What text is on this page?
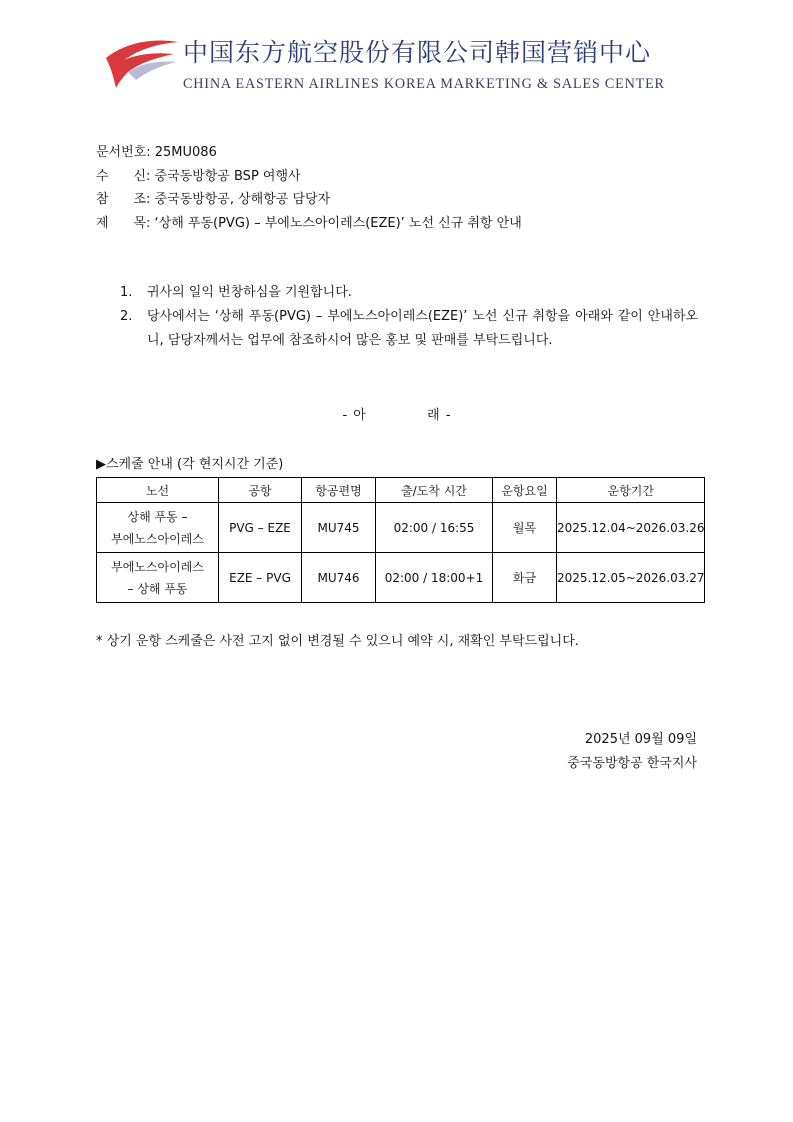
中国东方航空股份有限公司韩国营销中心
CHINA EASTERN AIRLINES KOREA MARKETING & SALES CENTER
문서번호 : 25MU086
수 신 : 중국동방항공 BSP 여행사
참 조 : 중국동방항공, 상해항공 담당자
제 목 : ‘상해 푸동(PVG) – 부에노스아이레스(EZE)’ 노선 신규 취항 안내
1.	귀사의 일익 번창하심을 기원합니다.
2.	당사에서는 ‘상해 푸동(PVG) – 부에노스아이레스(EZE)’ 노선 신규 취항을 아래와 같이 안내하오니, 담당자께서는 업무에 참조하시어 많은 홍보 및 판매를 부탁드립니다.
- 아          래 -
▶스케줄 안내 (각 현지시간 기준)
노선	공항	항공편명	출/도착 시간	운항요일	운항기간

상해 푸동 –
부에노스아이레스	PVG – EZE	MU745	02:00 / 16:55	월목	2025.12.04~2026.03.26

부에노스아이레스
– 상해 푸동	EZE – PVG	MU746	02:00 / 18:00+1	화금	2025.12.05~2026.03.27
* 상기 운항 스케줄은 사전 고지 없이 변경될 수 있으니 예약 시, 재확인 부탁드립니다.
2025년 09월 09일
중국동방항공 한국지사
